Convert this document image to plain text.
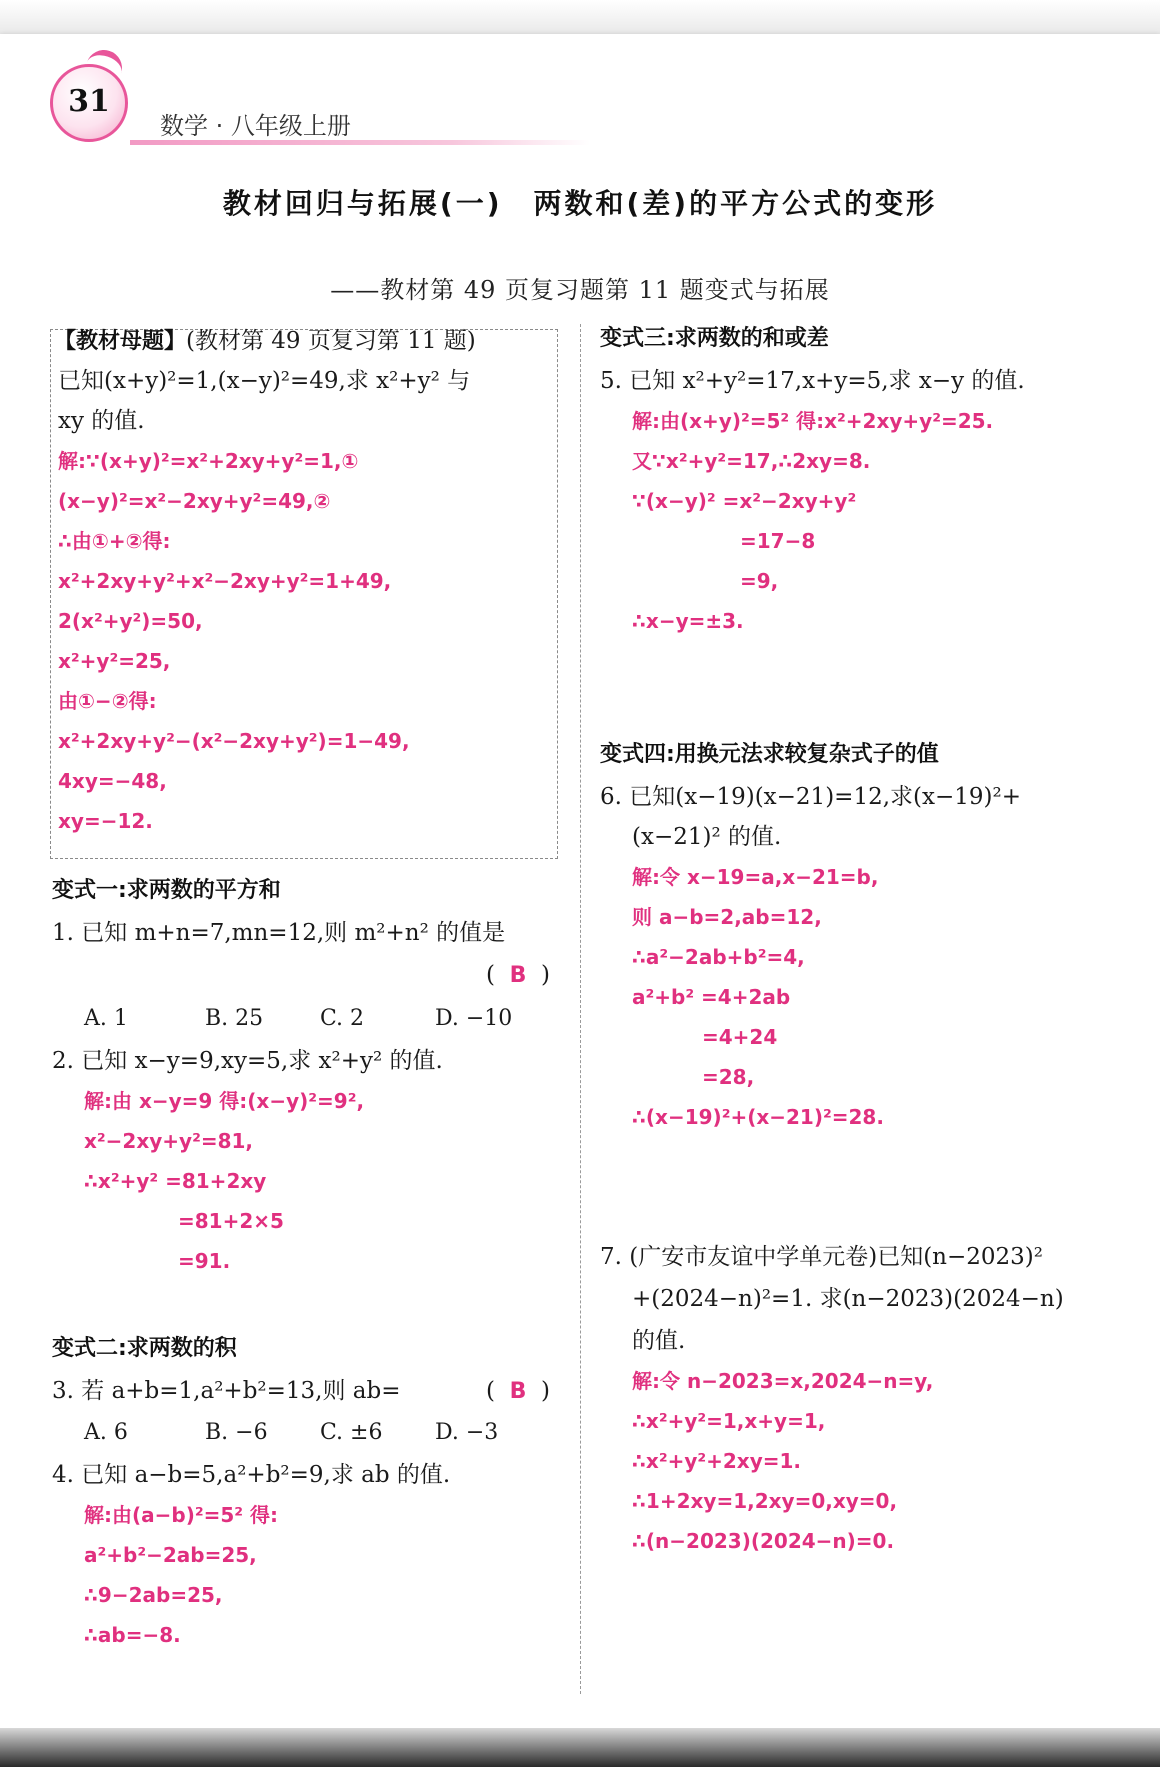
31
数学 · 八年级上册
教材回归与拓展(一)　两数和(差)的平方公式的变形
——教材第 49 页复习题第 11 题变式与拓展
【教材母题】(教材第 49 页复习第 11 题)
已知(x+y)²=1,(x−y)²=49,求 x²+y² 与
xy 的值.
解:∵(x+y)²=x²+2xy+y²=1,①
(x−y)²=x²−2xy+y²=49,②
∴由①+②得:
x²+2xy+y²+x²−2xy+y²=1+49,
2(x²+y²)=50,
x²+y²=25,
由①−②得:
x²+2xy+y²−(x²−2xy+y²)=1−49,
4xy=−48,
xy=−12.
变式一:求两数的平方和
1. 已知 m+n=7,mn=12,则 m²+n² 的值是
(  B  )
A. 1	B. 25	C. 2	D. −10
2. 已知 x−y=9,xy=5,求 x²+y² 的值.
解:由 x−y=9 得:(x−y)²=9²,
x²−2xy+y²=81,
∴x²+y² =81+2xy
=81+2×5
=91.
变式二:求两数的积
3. 若 a+b=1,a²+b²=13,则 ab=	(  B  )
A. 6	B. −6 C. ±6 D. −3
4. 已知 a−b=5,a²+b²=9,求 ab 的值.
解:由(a−b)²=5² 得:
a²+b²−2ab=25,
∴9−2ab=25,
∴ab=−8.
变式三:求两数的和或差
5. 已知 x²+y²=17,x+y=5,求 x−y 的值.
解:由(x+y)²=5² 得:x²+2xy+y²=25.
又∵x²+y²=17,∴2xy=8.
∵(x−y)² =x²−2xy+y²
=17−8
=9,
∴x−y=±3.
变式四:用换元法求较复杂式子的值
6. 已知(x−19)(x−21)=12,求(x−19)²+
(x−21)² 的值.
解:令 x−19=a,x−21=b,
则 a−b=2,ab=12,
∴a²−2ab+b²=4,
a²+b² =4+2ab
=4+24
=28,
∴(x−19)²+(x−21)²=28.
7. (广安市友谊中学单元卷)已知(n−2023)²
+(2024−n)²=1. 求(n−2023)(2024−n)
的值.
解:令 n−2023=x,2024−n=y,
∴x²+y²=1,x+y=1,
∴x²+y²+2xy=1.
∴1+2xy=1,2xy=0,xy=0,
∴(n−2023)(2024−n)=0.
